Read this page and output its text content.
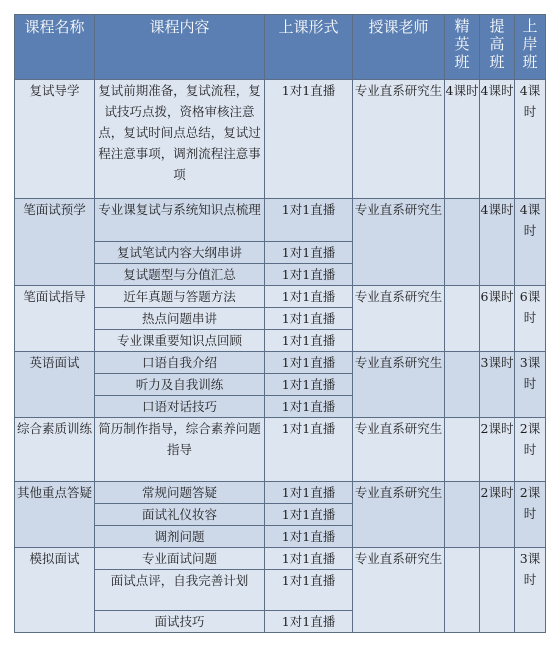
课程名称	课程内容	上课形式	授课老师	精英班	提高班	上岸班
复试导学	复试前期准备，复试流程，复试技巧点拨，资格审核注意点，复试时间点总结，复试过程注意事项，调剂流程注意事项	1对1直播	专业直系研究生	4课时	4课时	4课时
笔面试预学	专业课复试与系统知识点梳理	1对1直播	专业直系研究生		4课时	4课时
	复试笔试内容大纲串讲	1对1直播				
	复试题型与分值汇总	1对1直播				
笔面试指导	近年真题与答题方法	1对1直播	专业直系研究生		6课时	6课时
	热点问题串讲	1对1直播				
	专业课重要知识点回顾	1对1直播				
英语面试	口语自我介绍	1对1直播	专业直系研究生		3课时	3课时
	听力及自我训练	1对1直播				
	口语对话技巧	1对1直播				
综合素质训练	简历制作指导，综合素养问题指导	1对1直播	专业直系研究生		2课时	2课时
其他重点答疑	常规问题答疑	1对1直播	专业直系研究生		2课时	2课时
	面试礼仪妆容	1对1直播				
	调剂问题	1对1直播				
模拟面试	专业面试问题	1对1直播	专业直系研究生			3课时
	面试点评，自我完善计划	1对1直播				
	面试技巧	1对1直播				
